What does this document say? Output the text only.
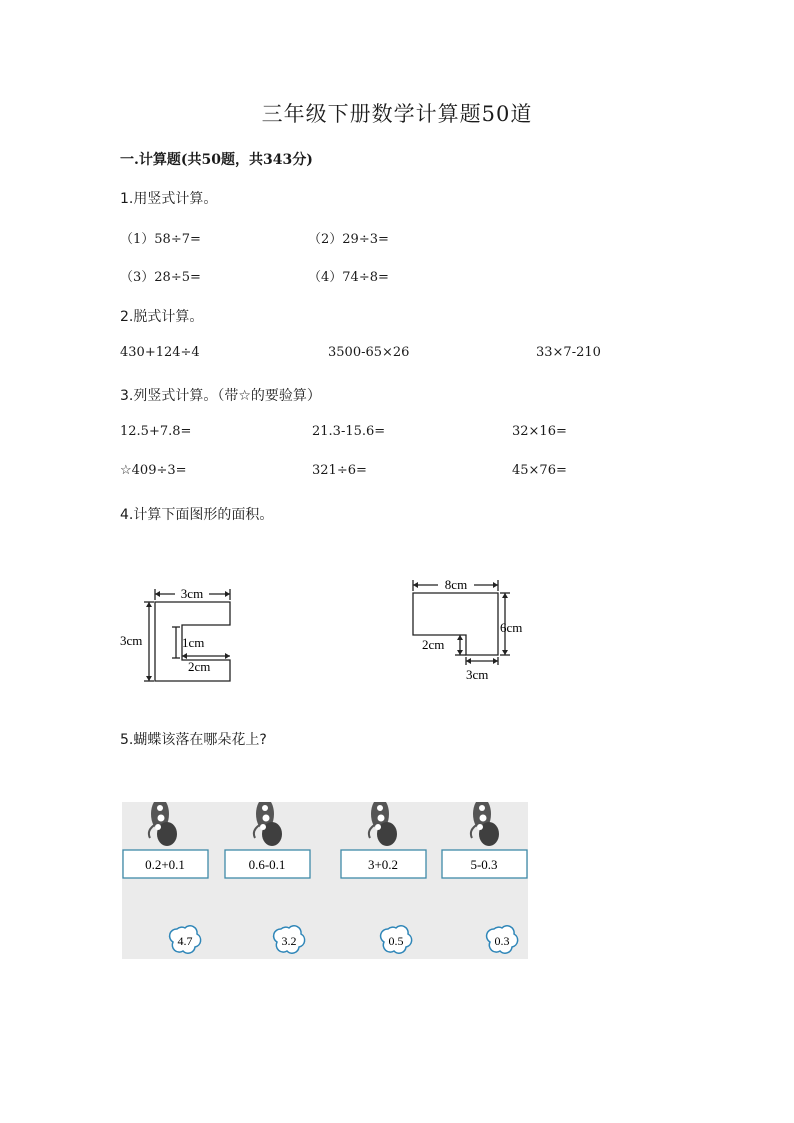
三年级下册数学计算题50道
一.计算题(共50题，共343分)
1.用竖式计算。
（1）58÷7=	（2）29÷3=
（3）28÷5=	（4）74÷8=
2.脱式计算。
430+124÷4	3500-65×26	33×7-210
3.列竖式计算。（带☆的要验算）
12.5+7.8=	21.3-15.6=	32×16=
☆409÷3=	321÷6=	45×76=
4.计算下面图形的面积。
3cm
3cm	1cm
2cm
8cm
6cm
2cm
3cm
5.蝴蝶该落在哪朵花上?
0.2+0.1	0.6-0.1	3+0.2	5-0.3
4.7	3.2	0.5	0.3
